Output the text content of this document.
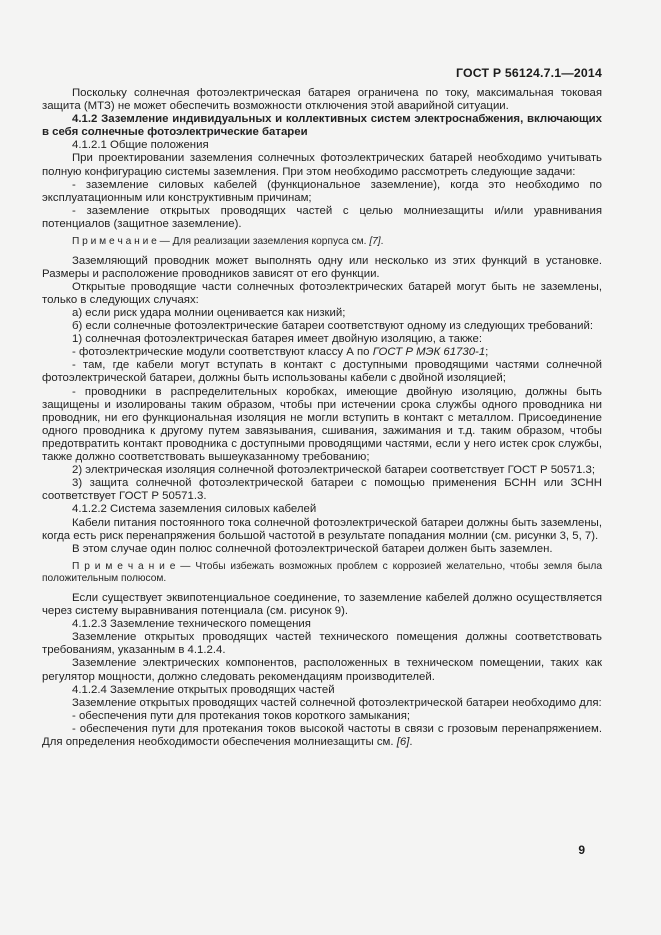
ГОСТ Р 56124.7.1—2014

Поскольку солнечная фотоэлектрическая батарея ограничена по току, максимальная токовая защита (МТЗ) не может обеспечить возможности отключения этой аварийной ситуации.

4.1.2 Заземление индивидуальных и коллективных систем электроснабжения, включающих в себя солнечные фотоэлектрические батареи

4.1.2.1 Общие положения

При проектировании заземления солнечных фотоэлектрических батарей необходимо учитывать полную конфигурацию системы заземления. При этом необходимо рассмотреть следующие задачи:

- заземление силовых кабелей (функциональное заземление), когда это необходимо по эксплуатационным или конструктивным причинам;

- заземление открытых проводящих частей с целью молниезащиты и/или уравнивания потенциалов (защитное заземление).

П р и м е ч а н и е — Для реализации заземления корпуса см. [7].

Заземляющий проводник может выполнять одну или несколько из этих функций в установке. Размеры и расположение проводников зависят от его функции.

Открытые проводящие части солнечных фотоэлектрических батарей могут быть не заземлены, только в следующих случаях:

а) если риск удара молнии оценивается как низкий;

б) если солнечные фотоэлектрические батареи соответствуют одному из следующих требований:

1) солнечная фотоэлектрическая батарея имеет двойную изоляцию, а также:

- фотоэлектрические модули соответствуют классу А по ГОСТ Р МЭК 61730-1;

- там, где кабели могут вступать в контакт с доступными проводящими частями солнечной фотоэлектрической батареи, должны быть использованы кабели с двойной изоляцией;

- проводники в распределительных коробках, имеющие двойную изоляцию, должны быть защищены и изолированы таким образом, чтобы при истечении срока службы одного проводника ни проводник, ни его функциональная изоляция не могли вступить в контакт с металлом. Присоединение одного проводника к другому путем завязывания, сшивания, зажимания и т.д. таким образом, чтобы предотвратить контакт проводника с доступными проводящими частями, если у него истек срок службы, также должно соответствовать вышеуказанному требованию;

2) электрическая изоляция солнечной фотоэлектрической батареи соответствует ГОСТ Р 50571.3;

3) защита солнечной фотоэлектрической батареи с помощью применения БСНН или ЗСНН соответствует ГОСТ Р 50571.3.

4.1.2.2 Система заземления силовых кабелей

Кабели питания постоянного тока солнечной фотоэлектрической батареи должны быть заземлены, когда есть риск перенапряжения большой частотой в результате попадания молнии (см. рисунки 3, 5, 7).

В этом случае один полюс солнечной фотоэлектрической батареи должен быть заземлен.

П р и м е ч а н и е — Чтобы избежать возможных проблем с коррозией желательно, чтобы земля была положительным полюсом.

Если существует эквипотенциальное соединение, то заземление кабелей должно осуществляется через систему выравнивания потенциала (см. рисунок 9).

4.1.2.3 Заземление технического помещения

Заземление открытых проводящих частей технического помещения должны соответствовать требованиям, указанным в 4.1.2.4.

Заземление электрических компонентов, расположенных в техническом помещении, таких как регулятор мощности, должно следовать рекомендациям производителей.

4.1.2.4 Заземление открытых проводящих частей

Заземление открытых проводящих частей солнечной фотоэлектрической батареи необходимо для:

- обеспечения пути для протекания токов короткого замыкания;

- обеспечения пути для протекания токов высокой частоты в связи с грозовым перенапряжением. Для определения необходимости обеспечения молниезащиты см. [6].

9
